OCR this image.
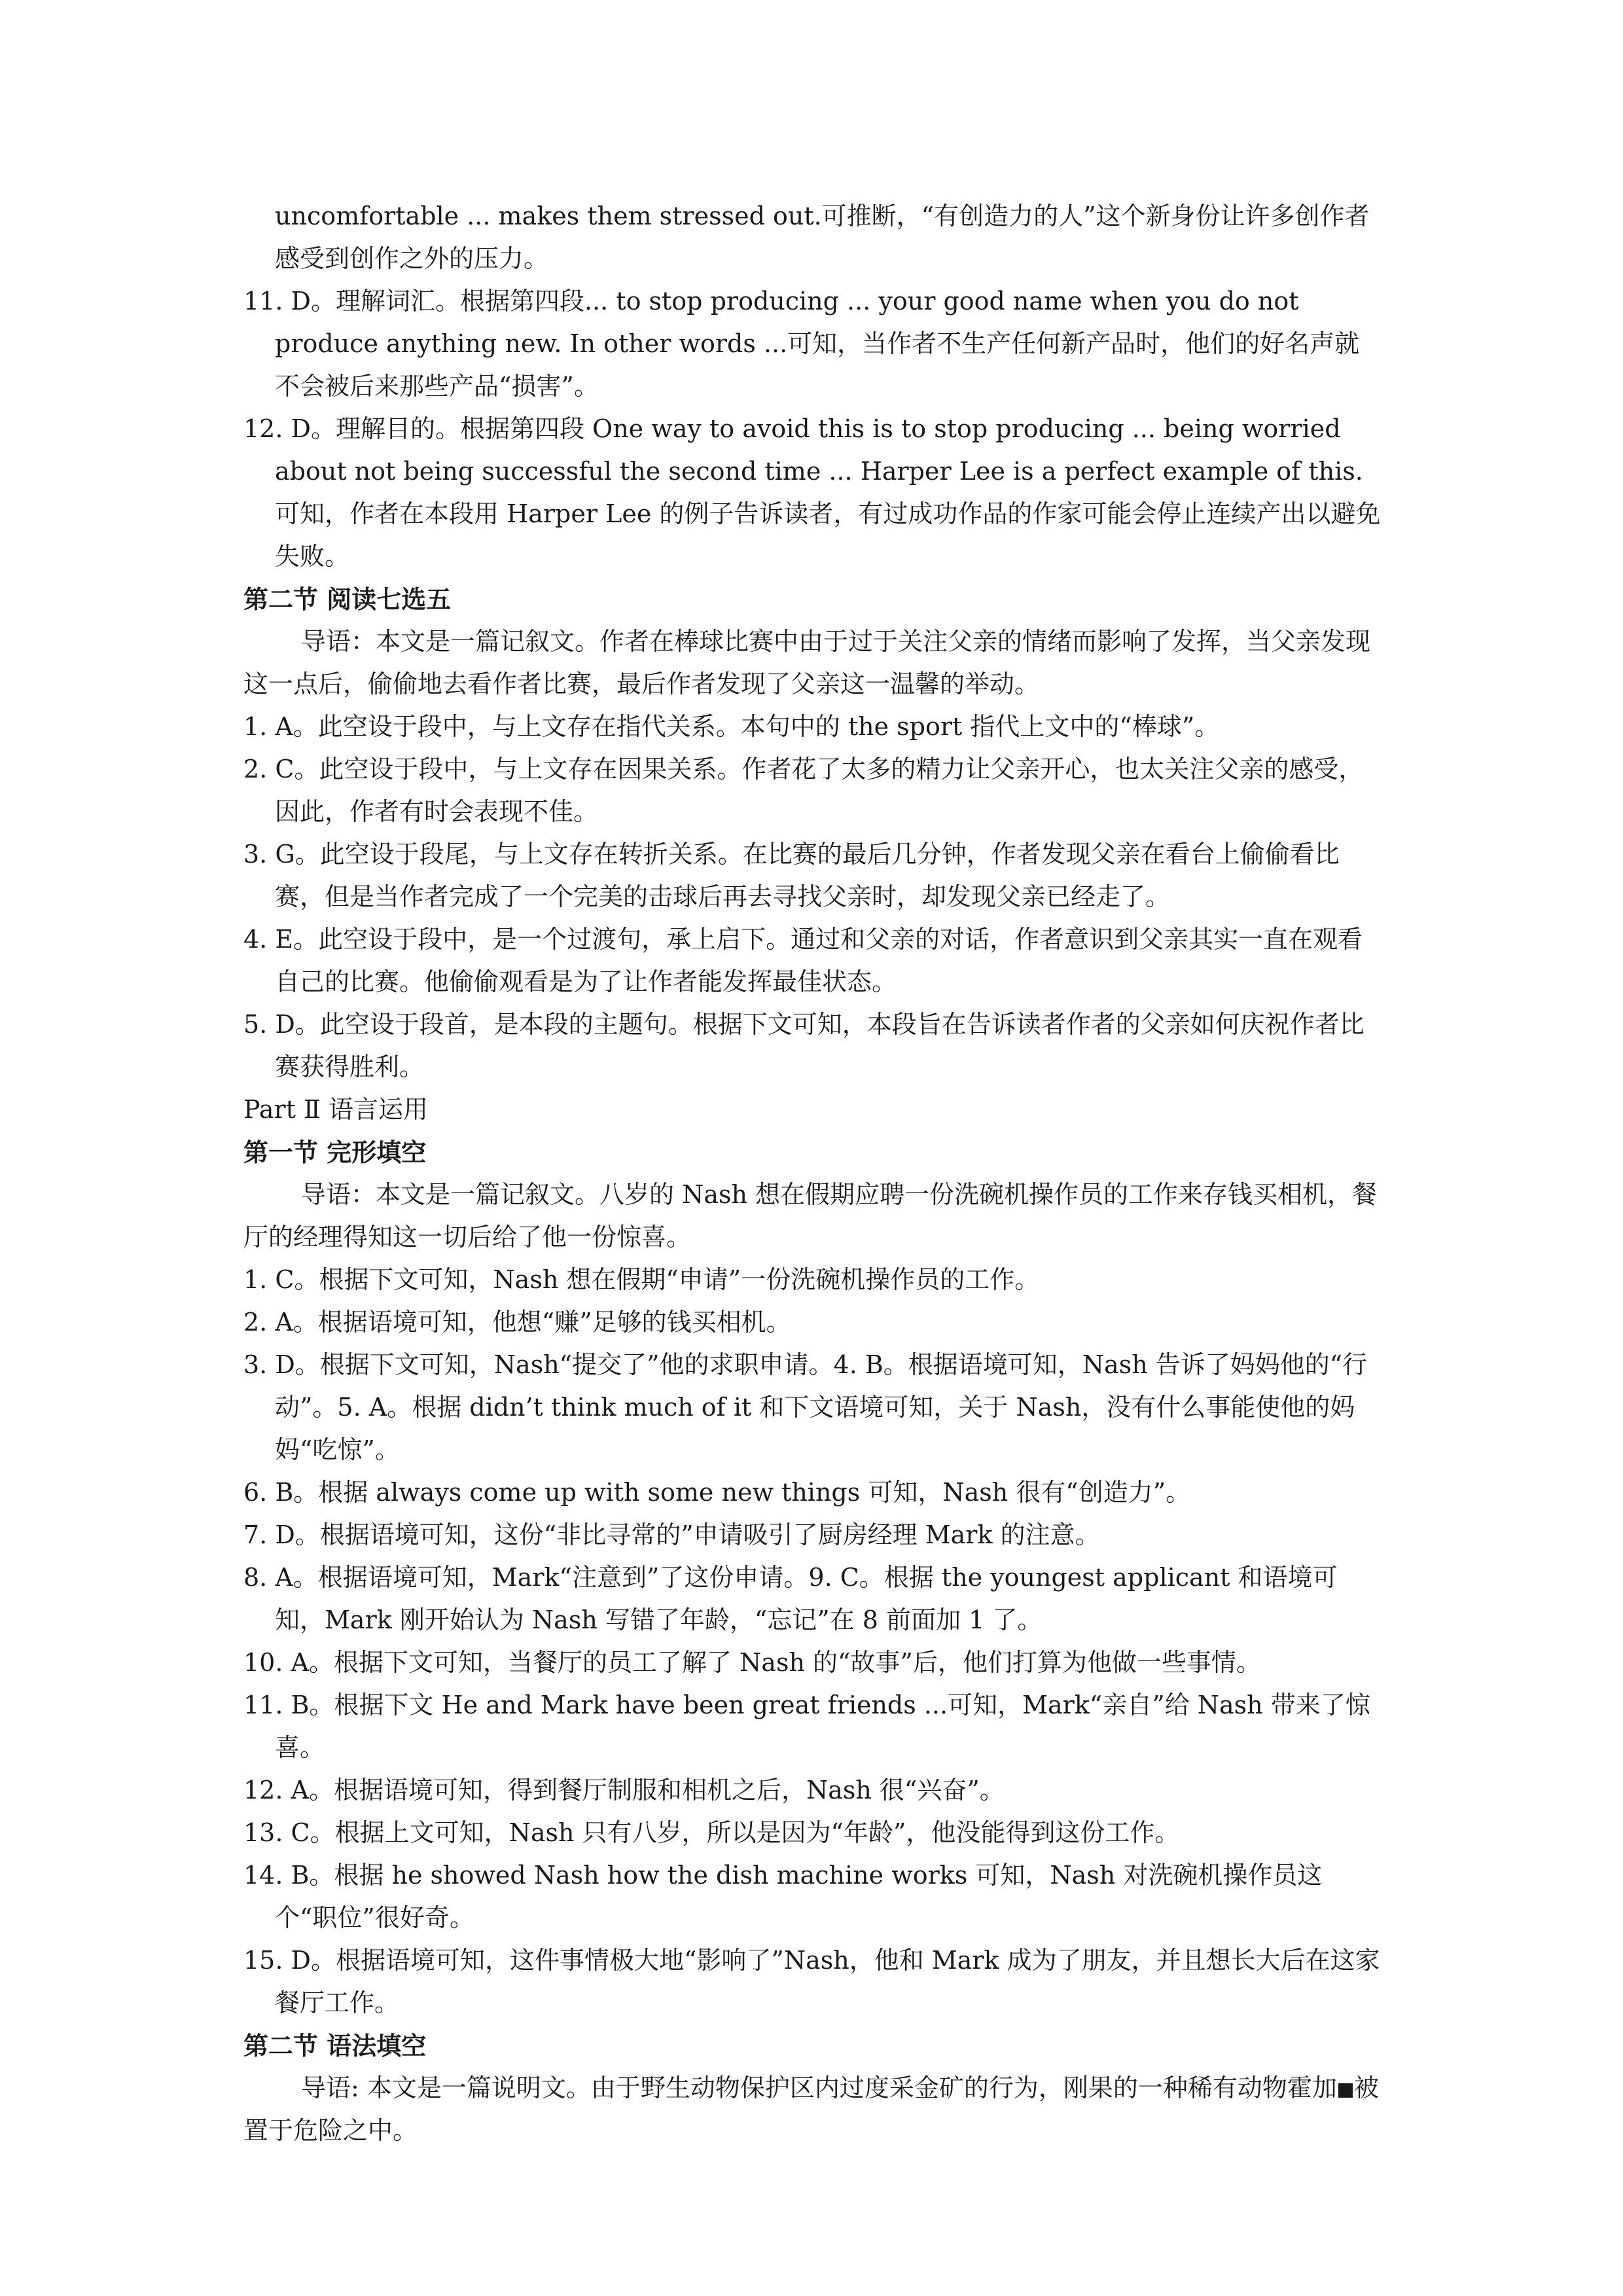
uncomfortable ... makes them stressed out.可推断，“有创造力的人”这个新身份让许多创作者感受到创作之外的压力。

11. D。理解词汇。根据第四段... to stop producing ... your good name when you do not produce anything new. In other words ...可知，当作者不生产任何新产品时，他们的好名声就不会被后来那些产品“损害”。

12. D。理解目的。根据第四段 One way to avoid this is to stop producing ... being worried about not being successful the second time ... Harper Lee is a perfect example of this.可知，作者在本段用 Harper Lee 的例子告诉读者，有过成功作品的作家可能会停止连续产出以避免失败。

第二节 阅读七选五

导语：本文是一篇记叙文。作者在棒球比赛中由于过于关注父亲的情绪而影响了发挥，当父亲发现这一点后，偷偷地去看作者比赛，最后作者发现了父亲这一温馨的举动。

1. A。此空设于段中，与上文存在指代关系。本句中的 the sport 指代上文中的“棒球”。

2. C。此空设于段中，与上文存在因果关系。作者花了太多的精力让父亲开心，也太关注父亲的感受，因此，作者有时会表现不佳。

3. G。此空设于段尾，与上文存在转折关系。在比赛的最后几分钟，作者发现父亲在看台上偷偷看比赛，但是当作者完成了一个完美的击球后再去寻找父亲时，却发现父亲已经走了。

4. E。此空设于段中，是一个过渡句，承上启下。通过和父亲的对话，作者意识到父亲其实一直在观看自己的比赛。他偷偷观看是为了让作者能发挥最佳状态。

5. D。此空设于段首，是本段的主题句。根据下文可知，本段旨在告诉读者作者的父亲如何庆祝作者比赛获得胜利。

Part Ⅱ 语言运用

第一节 完形填空

导语：本文是一篇记叙文。八岁的 Nash 想在假期应聘一份洗碗机操作员的工作来存钱买相机，餐厅的经理得知这一切后给了他一份惊喜。

1. C。根据下文可知，Nash 想在假期“申请”一份洗碗机操作员的工作。

2. A。根据语境可知，他想“赚”足够的钱买相机。

3. D。根据下文可知，Nash“提交了”他的求职申请。4. B。根据语境可知，Nash 告诉了妈妈他的“行动”。5. A。根据 didn’t think much of it 和下文语境可知，关于 Nash，没有什么事能使他的妈妈“吃惊”。

6. B。根据 always come up with some new things 可知，Nash 很有“创造力”。

7. D。根据语境可知，这份“非比寻常的”申请吸引了厨房经理 Mark 的注意。

8. A。根据语境可知，Mark“注意到”了这份申请。9. C。根据 the youngest applicant 和语境可知，Mark 刚开始认为 Nash 写错了年龄，“忘记”在 8 前面加 1 了。

10. A。根据下文可知，当餐厅的员工了解了 Nash 的“故事”后，他们打算为他做一些事情。

11. B。根据下文 He and Mark have been great friends ...可知，Mark“亲自”给 Nash 带来了惊喜。

12. A。根据语境可知，得到餐厅制服和相机之后，Nash 很“兴奋”。

13. C。根据上文可知，Nash 只有八岁，所以是因为“年龄”，他没能得到这份工作。

14. B。根据 he showed Nash how the dish machine works 可知，Nash 对洗碗机操作员这个“职位”很好奇。

15. D。根据语境可知，这件事情极大地“影响了”Nash，他和 Mark 成为了朋友，并且想长大后在这家餐厅工作。

第二节 语法填空

导语: 本文是一篇说明文。由于野生动物保护区内过度采金矿的行为，刚果的一种稀有动物霍加 被置于危险之中。
